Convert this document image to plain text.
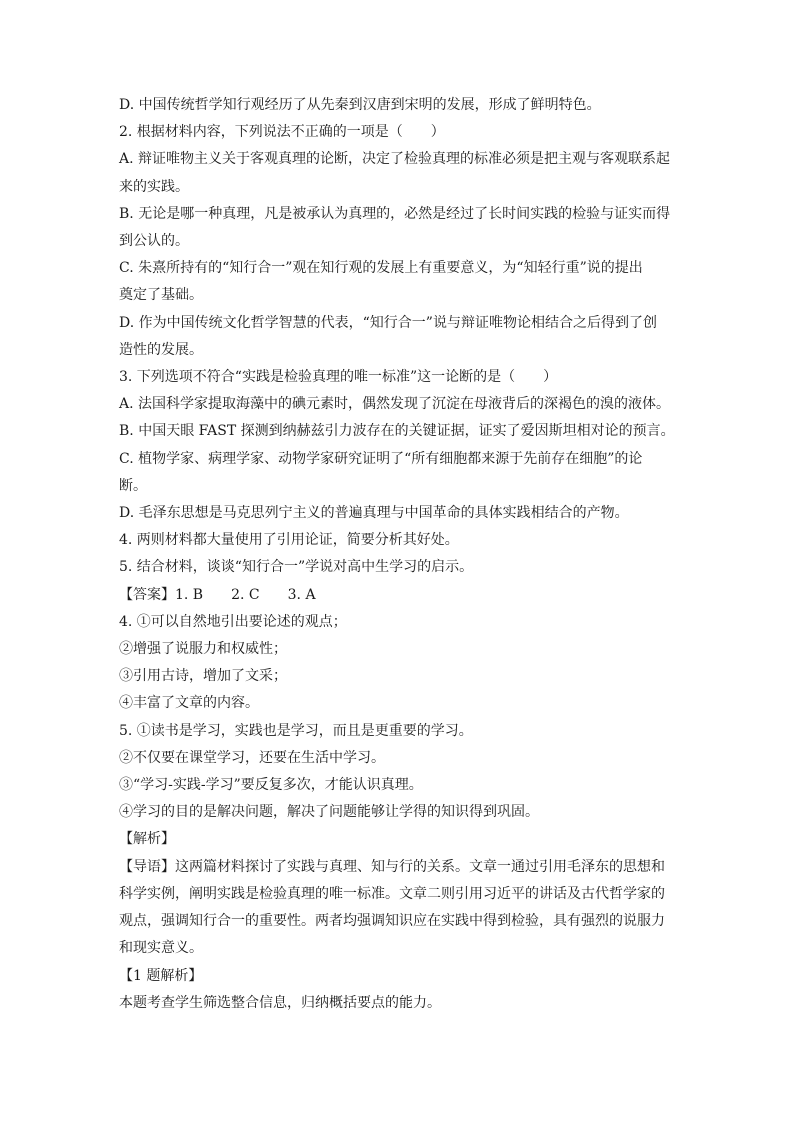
D. 中国传统哲学知行观经历了从先秦到汉唐到宋明的发展，形成了鲜明特色。
2. 根据材料内容，下列说法不正确的一项是（　　）
A. 辩证唯物主义关于客观真理的论断，决定了检验真理的标准必须是把主观与客观联系起
来的实践。
B. 无论是哪一种真理，凡是被承认为真理的，必然是经过了长时间实践的检验与证实而得
到公认的。
C. 朱熹所持有的“知行合一”观在知行观的发展上有重要意义，为“知轻行重”说的提出
奠定了基础。
D. 作为中国传统文化哲学智慧的代表，“知行合一”说与辩证唯物论相结合之后得到了创
造性的发展。
3. 下列选项不符合“实践是检验真理的唯一标准”这一论断的是（　　）
A. 法国科学家提取海藻中的碘元素时，偶然发现了沉淀在母液背后的深褐色的溴的液体。
B. 中国天眼 FAST 探测到纳赫兹引力波存在的关键证据，证实了爱因斯坦相对论的预言。
C. 植物学家、病理学家、动物学家研究证明了“所有细胞都来源于先前存在细胞”的论
断。
D. 毛泽东思想是马克思列宁主义的普遍真理与中国革命的具体实践相结合的产物。
4. 两则材料都大量使用了引用论证，简要分析其好处。
5. 结合材料，谈谈“知行合一”学说对高中生学习的启示。
【答案】1. B 2. C 3. A
4. ①可以自然地引出要论述的观点；
②增强了说服力和权威性；
③引用古诗，增加了文采；
④丰富了文章的内容。
5. ①读书是学习，实践也是学习，而且是更重要的学习。
②不仅要在课堂学习，还要在生活中学习。
③“学习-实践-学习”要反复多次，才能认识真理。
④学习的目的是解决问题，解决了问题能够让学得的知识得到巩固。
【解析】
【导语】这两篇材料探讨了实践与真理、知与行的关系。文章一通过引用毛泽东的思想和
科学实例，阐明实践是检验真理的唯一标准。文章二则引用习近平的讲话及古代哲学家的
观点，强调知行合一的重要性。两者均强调知识应在实践中得到检验，具有强烈的说服力
和现实意义。
【1 题解析】
本题考查学生筛选整合信息，归纳概括要点的能力。
